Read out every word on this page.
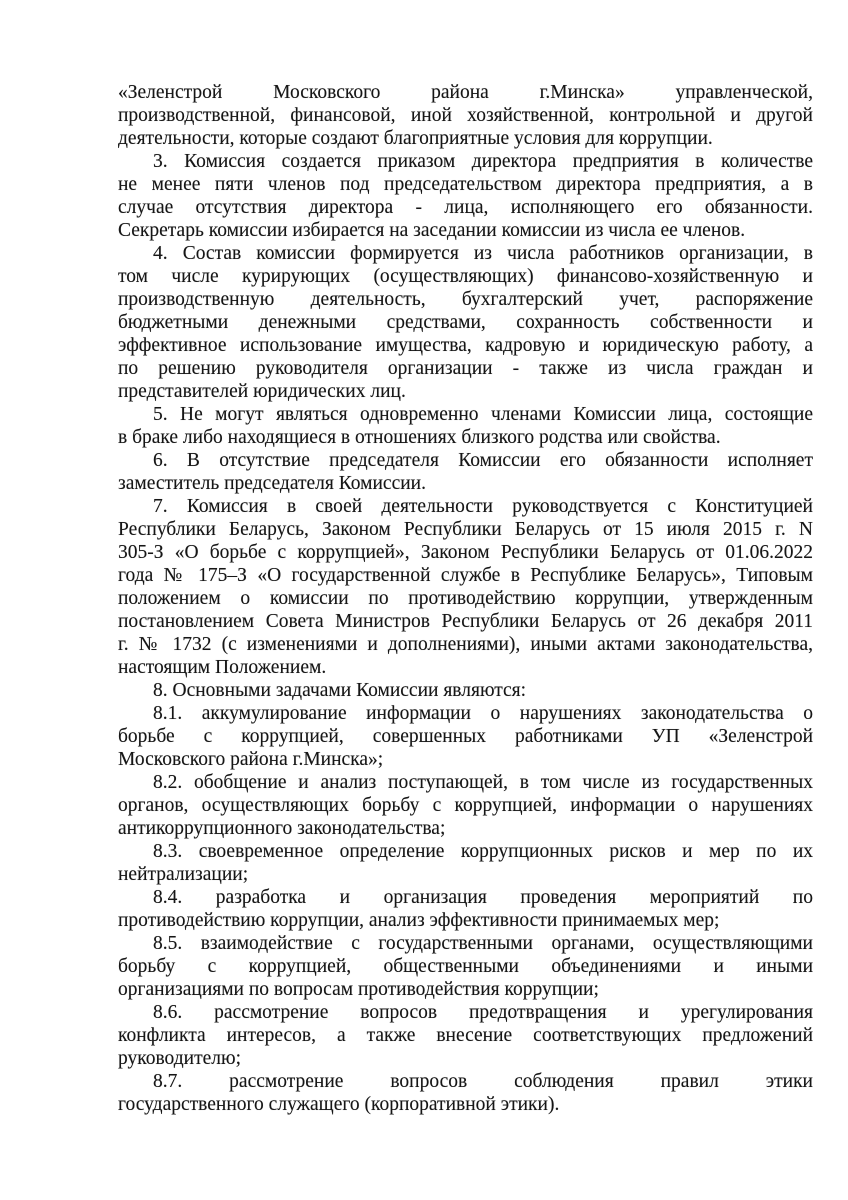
«Зеленстрой Московского района г.Минска» управленческой,
производственной, финансовой, иной хозяйственной, контрольной и другой
деятельности, которые создают благоприятные условия для коррупции.
3. Комиссия создается приказом директора предприятия в количестве
не менее пяти членов под председательством директора предприятия, а в
случае отсутствия директора - лица, исполняющего его обязанности.
Секретарь комиссии избирается на заседании комиссии из числа ее членов.
4. Состав комиссии формируется из числа работников организации, в
том числе курирующих (осуществляющих) финансово-хозяйственную и
производственную деятельность, бухгалтерский учет, распоряжение
бюджетными денежными средствами, сохранность собственности и
эффективное использование имущества, кадровую и юридическую работу, а
по решению руководителя организации - также из числа граждан и
представителей юридических лиц.
5. Не могут являться одновременно членами Комиссии лица, состоящие
в браке либо находящиеся в отношениях близкого родства или свойства.
6. В отсутствие председателя Комиссии его обязанности исполняет
заместитель председателя Комиссии.
7. Комиссия в своей деятельности руководствуется с Конституцией
Республики Беларусь, Законом Республики Беларусь от 15 июля 2015 г. N
305-З «О борьбе с коррупцией», Законом Республики Беларусь от 01.06.2022
года № 175–З «О государственной службе в Республике Беларусь», Типовым
положением о комиссии по противодействию коррупции, утвержденным
постановлением Совета Министров Республики Беларусь от 26 декабря 2011
г. № 1732 (с изменениями и дополнениями), иными актами законодательства,
настоящим Положением.
8. Основными задачами Комиссии являются:
8.1. аккумулирование информации о нарушениях законодательства о
борьбе с коррупцией, совершенных работниками УП «Зеленстрой
Московского района г.Минска»;
8.2. обобщение и анализ поступающей, в том числе из государственных
органов, осуществляющих борьбу с коррупцией, информации о нарушениях
антикоррупционного законодательства;
8.3. своевременное определение коррупционных рисков и мер по их
нейтрализации;
8.4. разработка и организация проведения мероприятий по
противодействию коррупции, анализ эффективности принимаемых мер;
8.5. взаимодействие с государственными органами, осуществляющими
борьбу с коррупцией, общественными объединениями и иными
организациями по вопросам противодействия коррупции;
8.6. рассмотрение вопросов предотвращения и урегулирования
конфликта интересов, а также внесение соответствующих предложений
руководителю;
8.7. рассмотрение вопросов соблюдения правил этики
государственного служащего (корпоративной этики).
